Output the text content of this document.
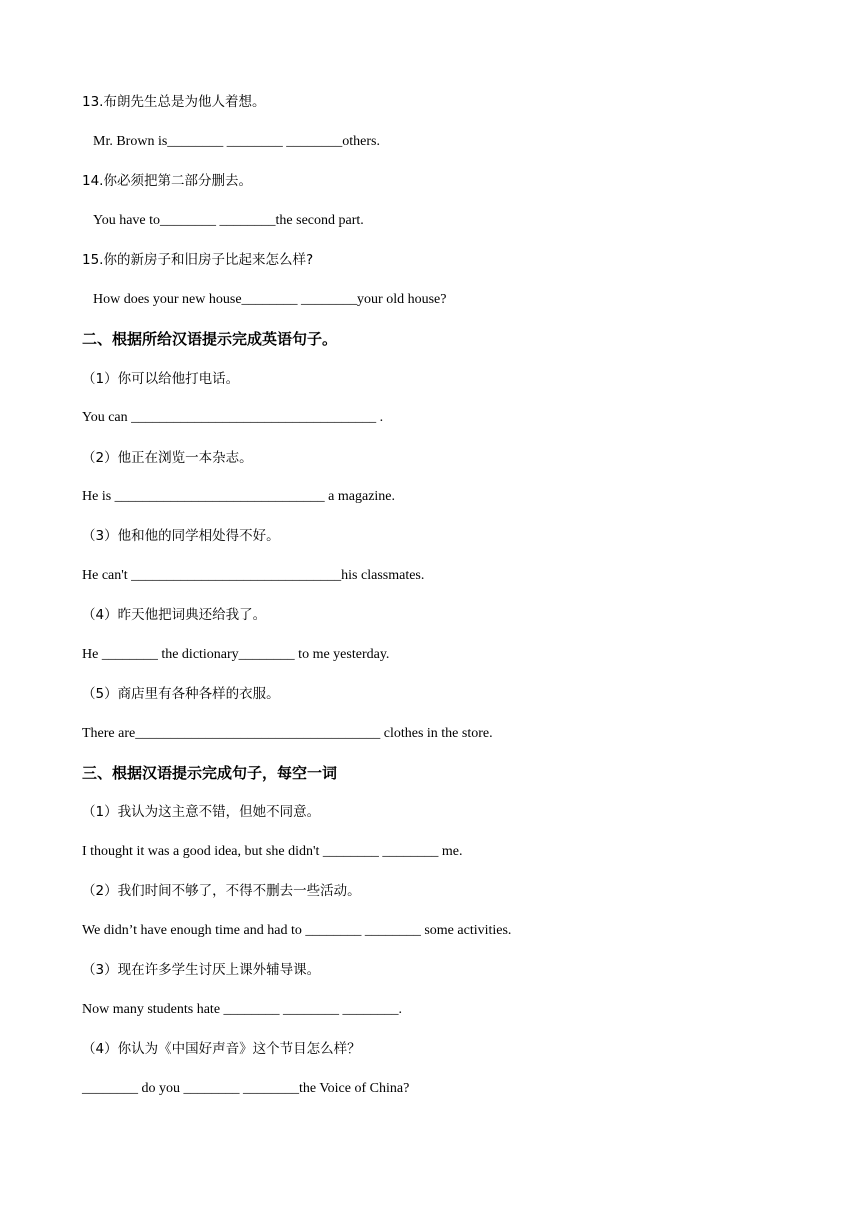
13.布朗先生总是为他人着想。
Mr. Brown is________ ________ ________others.
14.你必须把第二部分删去。
You have to________ ________the second part.
15.你的新房子和旧房子比起来怎么样?
How does your new house________ ________your old house?
二、根据所给汉语提示完成英语句子。
（1）你可以给他打电话。
You can ___________________________________ .
（2）他正在浏览一本杂志。
He is ______________________________ a magazine.
（3）他和他的同学相处得不好。
He can't ______________________________his classmates.
（4）昨天他把词典还给我了。
He ________ the dictionary________ to me yesterday.
（5）商店里有各种各样的衣服。
There are___________________________________ clothes in the store.
三、根据汉语提示完成句子，每空一词
（1）我认为这主意不错，但她不同意。
I thought it was a good idea, but she didn't ________ ________ me.
（2）我们时间不够了，不得不删去一些活动。
We didn’t have enough time and had to ________ ________ some activities.
（3）现在许多学生讨厌上课外辅导课。
Now many students hate ________ ________ ________.
（4）你认为《中国好声音》这个节目怎么样？
________ do you ________ ________the Voice of China?
